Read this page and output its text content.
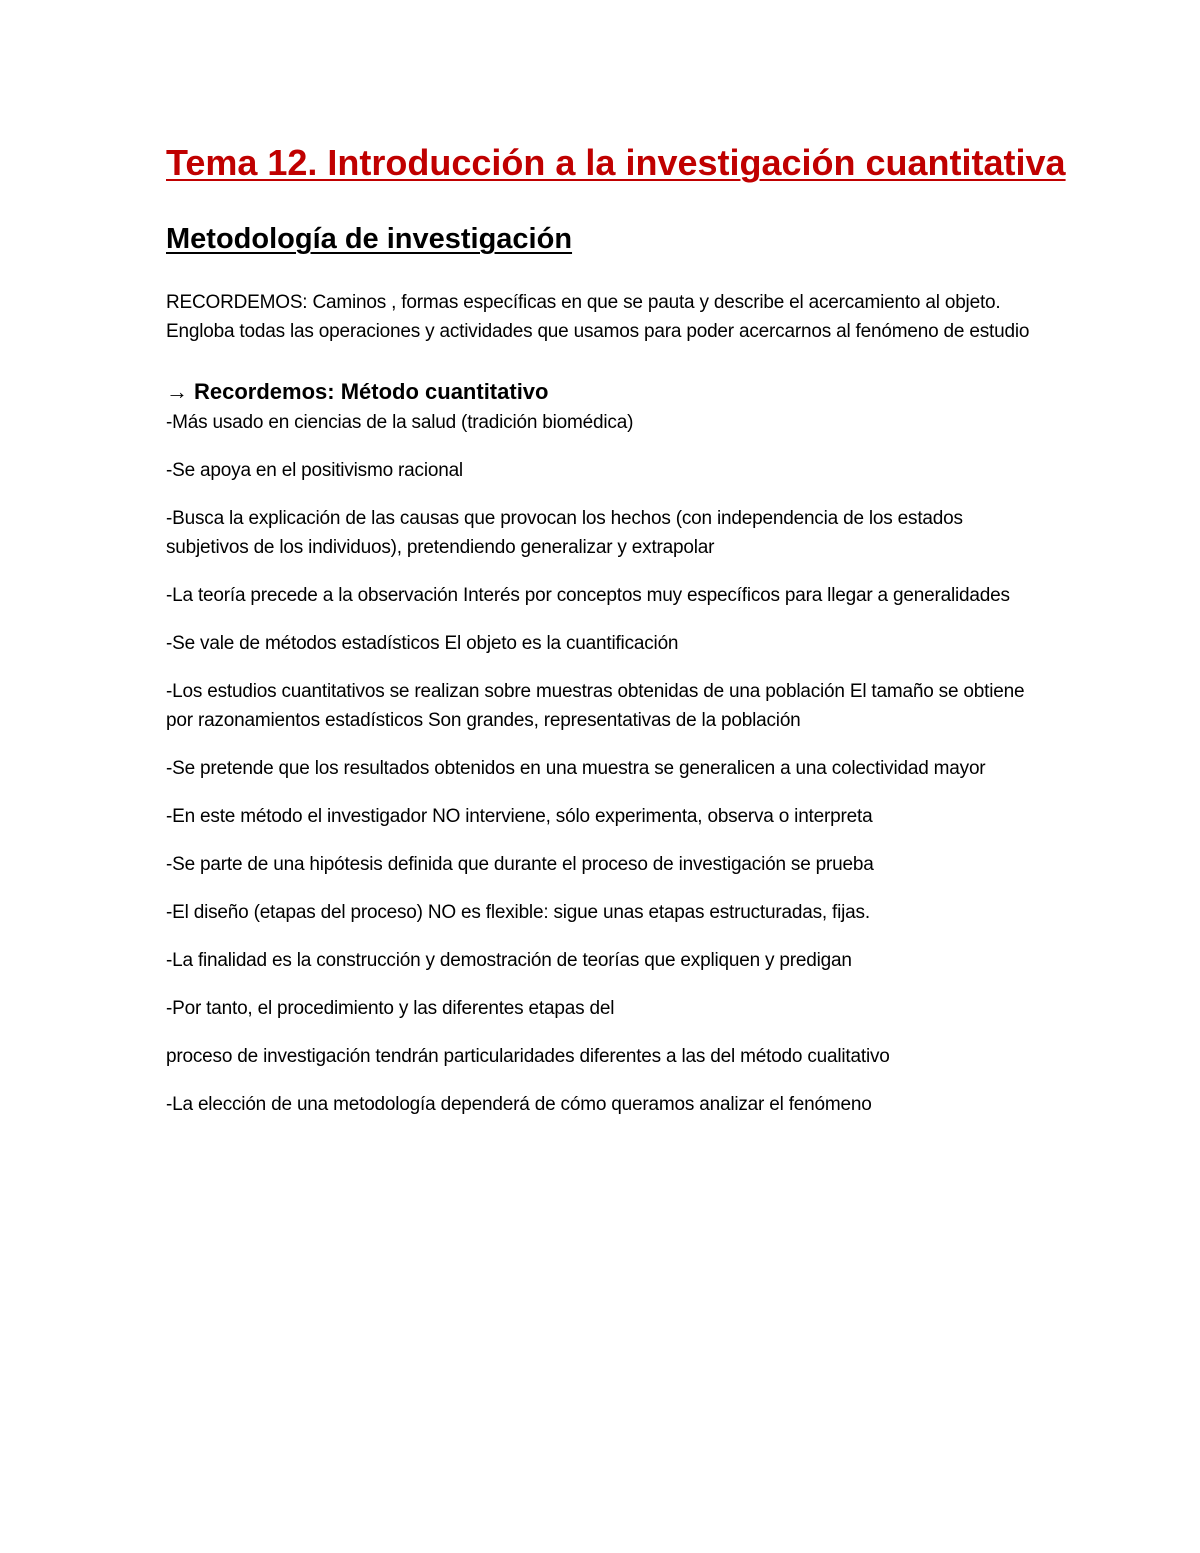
Tema 12. Introducción a la investigación cuantitativa
Metodología de investigación

RECORDEMOS: Caminos , formas específicas en que se pauta y describe el acercamiento al objeto. Engloba todas las operaciones y actividades que usamos para poder acercarnos al fenómeno de estudio

→ Recordemos: Método cuantitativo

-Más usado en ciencias de la salud (tradición biomédica)

-Se apoya en el positivismo racional

-Busca la explicación de las causas que provocan los hechos (con independencia de los estados subjetivos de los individuos), pretendiendo generalizar y extrapolar

-La teoría precede a la observación Interés por conceptos muy específicos para llegar a generalidades

-Se vale de métodos estadísticos El objeto es la cuantificación

-Los estudios cuantitativos se realizan sobre muestras obtenidas de una población El tamaño se obtiene por razonamientos estadísticos Son grandes, representativas de la población

-Se pretende que los resultados obtenidos en una muestra se generalicen a una colectividad mayor

-En este método el investigador NO interviene, sólo experimenta, observa o interpreta

-Se parte de una hipótesis definida que durante el proceso de investigación se prueba

-El diseño (etapas del proceso) NO es flexible: sigue unas etapas estructuradas, fijas.

-La finalidad es la construcción y demostración de teorías que expliquen y predigan

-Por tanto, el procedimiento y las diferentes etapas del

proceso de investigación tendrán particularidades diferentes a las del método cualitativo

-La elección de una metodología dependerá de cómo queramos analizar el fenómeno
